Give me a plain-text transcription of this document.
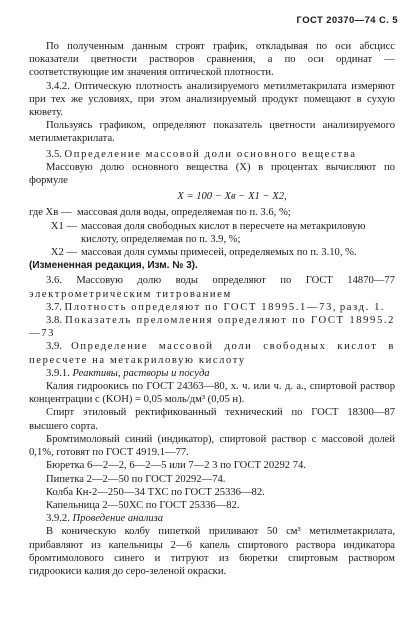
ГОСТ 20370—74 С. 5

По полученным данным строят график, откладывая по оси абсцисс показатели цветности растворов сравнения, а по оси ординат — соответствующие им значения оптической плотности.

3.4.2. Оптическую плотность анализируемого метилметакрилата измеряют при тех же условиях, при этом анализируемый продукт помещают в сухую кювету.

Пользуясь графиком, определяют показатель цветности анализируемого метилметакрилата.

3.5. Определение массовой доли основного вещества

Массовую долю основного вещества (X) в процентах вычисляют по формуле

X = 100 − Xв − X1 − X2,
где Xв — массовая доля воды, определяемая по п. 3.6, %;
X1 — массовая доля свободных кислот в пересчете на метакриловую кислоту, определяемая по п. 3.9, %;
X2 — массовая доля суммы примесей, определяемых по п. 3.10, %.

(Измененная редакция, Изм. № 3).

3.6. Массовую долю воды определяют по ГОСТ 14870—77 электрометрическим титрованием

3.7. Плотность определяют по ГОСТ 18995.1—73, разд. 1.

3.8. Показатель преломления определяют по ГОСТ 18995.2—73

3.9. Определение массовой доли свободных кислот в пересчете на метакриловую кислоту

3.9.1. Реактивы, растворы и посуда

Калия гидроокись по ГОСТ 24363—80, х. ч. или ч. д. а., спиртовой раствор концентрации c (KOH) = 0,05 моль/дм³ (0,05 н).

Спирт этиловый ректификованный технический по ГОСТ 18300—87 высшего сорта.

Бромтимоловый синий (индикатор), спиртовой раствор с массовой долей 0,1%, готовят по ГОСТ 4919.1—77.

Бюретка 6—2—2, 6—2—5 или 7—2 3 по ГОСТ 20292 74.

Пипетка 2—2—50 по ГОСТ 20292—74.

Колба Кн-2—250—34 ТХС по ГОСТ 25336—82.

Капельница 2—50ХС по ГОСТ 25336—82.

3.9.2. Проведение анализа

В коническую колбу пипеткой приливают 50 см³ метилметакрилата, прибавляют из капельницы 2—6 капель спиртового раствора индикатора бромтимолового синего и титруют из бюретки спиртовым раствором гидроокиси калия до серо-зеленой окраски.
